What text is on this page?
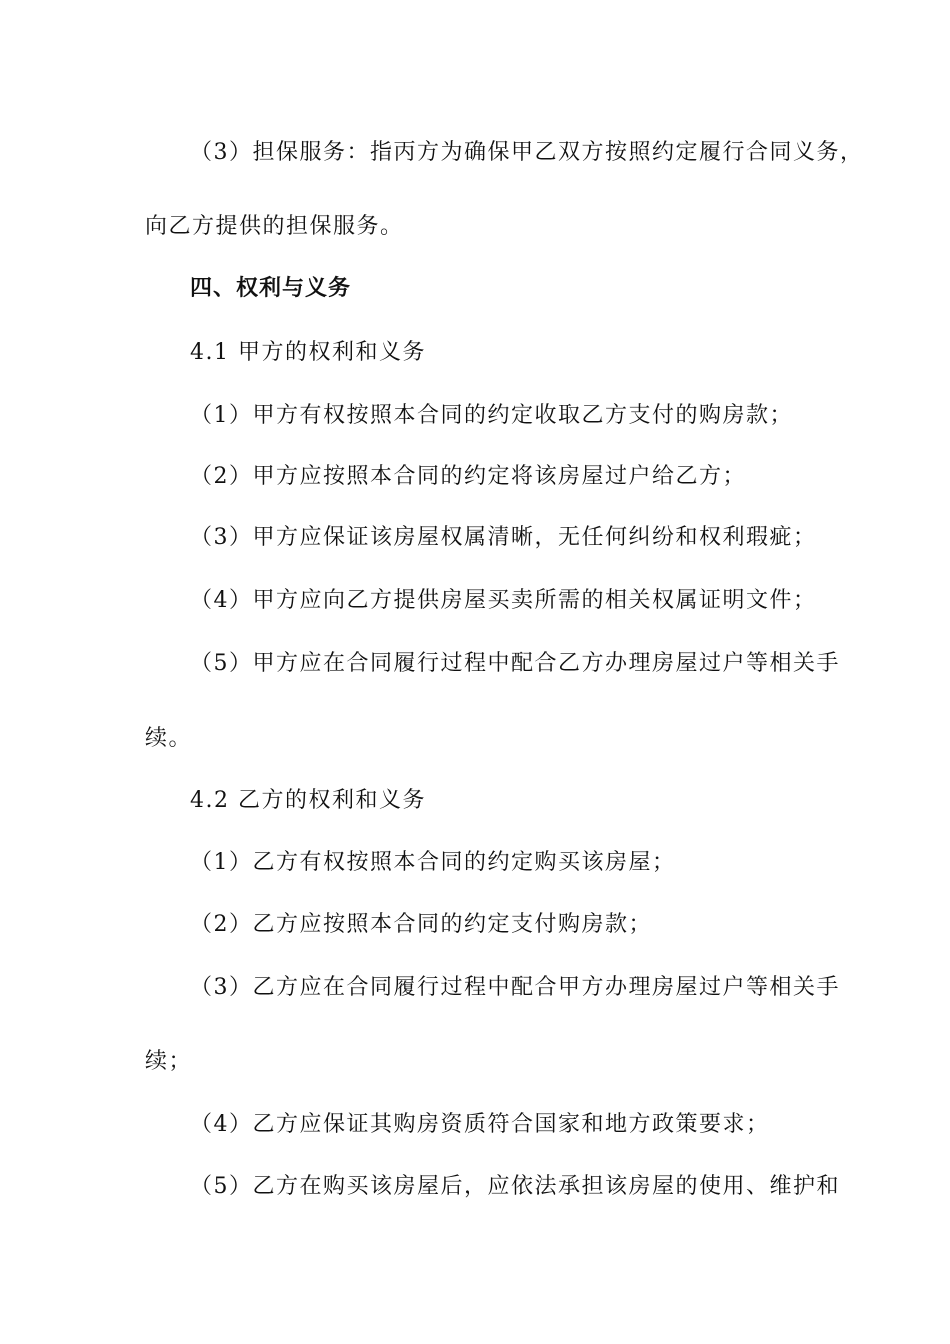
（3）担保服务：指丙方为确保甲乙双方按照约定履行合同义务，
向乙方提供的担保服务。
四、权利与义务
4.1 甲方的权利和义务
（1）甲方有权按照本合同的约定收取乙方支付的购房款；
（2）甲方应按照本合同的约定将该房屋过户给乙方；
（3）甲方应保证该房屋权属清晰，无任何纠纷和权利瑕疵；
（4）甲方应向乙方提供房屋买卖所需的相关权属证明文件；
（5）甲方应在合同履行过程中配合乙方办理房屋过户等相关手
续。
4.2 乙方的权利和义务
（1）乙方有权按照本合同的约定购买该房屋；
（2）乙方应按照本合同的约定支付购房款；
（3）乙方应在合同履行过程中配合甲方办理房屋过户等相关手
续；
（4）乙方应保证其购房资质符合国家和地方政策要求；
（5）乙方在购买该房屋后，应依法承担该房屋的使用、维护和
